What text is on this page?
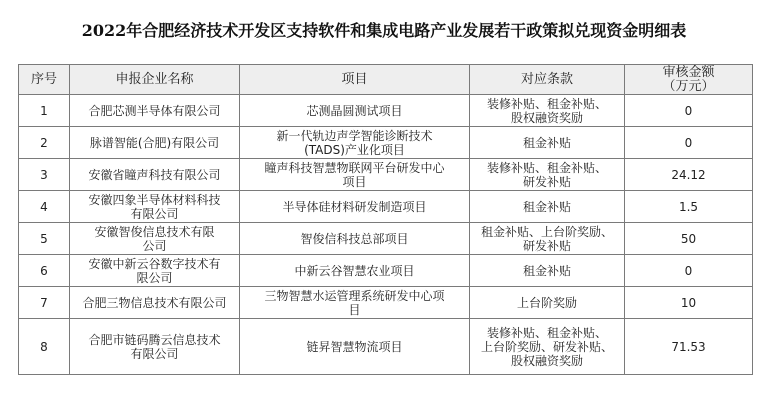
2022年合肥经济技术开发区支持软件和集成电路产业发展若干政策拟兑现资金明细表
序号	申报企业名称	项目	对应条款	审核金额
（万元）
1	合肥芯测半导体有限公司	芯测晶圆测试项目	装修补贴、租金补贴、
股权融资奖励	0
2	脉谱智能(合肥)有限公司	新一代轨边声学智能诊断技术
(TADS)产业化项目	租金补贴	0
3	安徽省瞳声科技有限公司	瞳声科技智慧物联网平台研发中心
项目	装修补贴、租金补贴、
研发补贴	24.12
4	安徽四象半导体材料科技
有限公司	半导体硅材料研发制造项目	租金补贴	1.5
5	安徽智俊信息技术有限
公司	智俊信科技总部项目	租金补贴、上台阶奖励、
研发补贴	50
6	安徽中新云谷数字技术有
限公司	中新云谷智慧农业项目	租金补贴	0
7	合肥三物信息技术有限公司	三物智慧水运管理系统研发中心项
目	上台阶奖励	10
8	合肥市链码腾云信息技术
有限公司	链昇智慧物流项目	装修补贴、租金补贴、
上台阶奖励、研发补贴、
股权融资奖励	71.53
